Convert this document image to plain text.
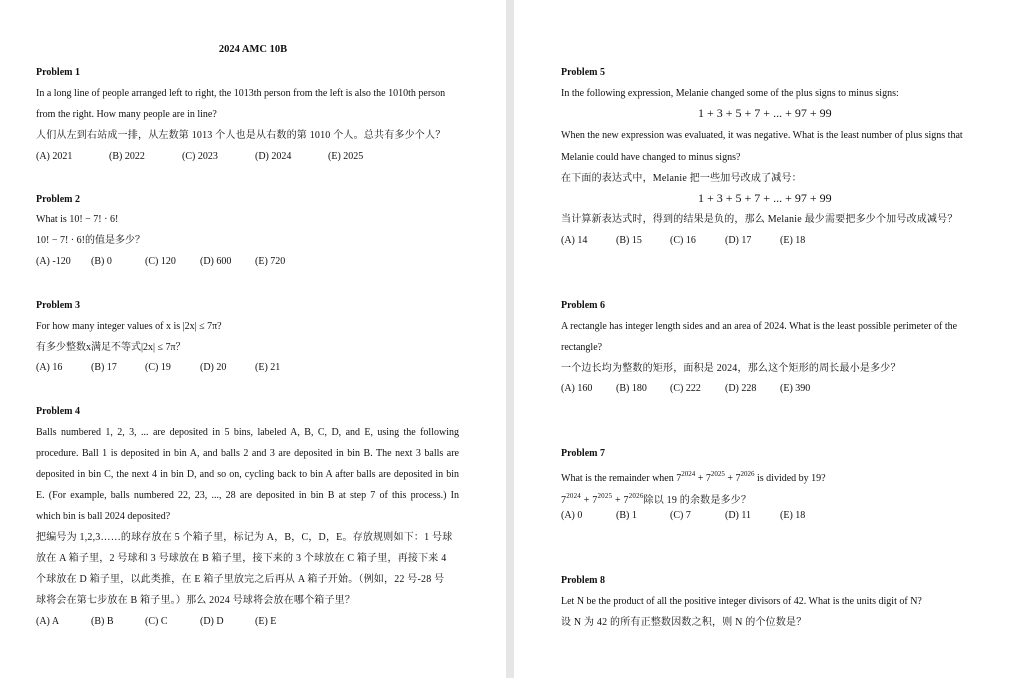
2024 AMC 10B
Problem 1
In a long line of people arranged left to right, the 1013th person from the left is also the 1010th person
from the right. How many people are in line?
人们从左到右站成一排，从左数第 1013 个人也是从右数的第 1010 个人。总共有多少个人？
(A) 2021	(B) 2022	(C) 2023	(D) 2024	(E) 2025
Problem 2
What is 10! − 7! · 6!
10! − 7! · 6!的值是多少？
(A) -120 (B) 0	(C) 120 (D) 600 (E) 720
Problem 3
For how many integer values of x is |2x| ≤ 7π?
有多少整数x满足不等式|2x| ≤ 7π？
(A) 16	(B) 17	(C) 19	(D) 20	(E) 21
Problem 4
Balls numbered 1, 2, 3, ... are deposited in 5 bins, labeled A, B, C, D, and E, using the following
procedure. Ball 1 is deposited in bin A, and balls 2 and 3 are deposited in bin B. The next 3 balls are
deposited in bin C, the next 4 in bin D, and so on, cycling back to bin A after balls are deposited in bin
E. (For example, balls numbered 22, 23, ..., 28 are deposited in bin B at step 7 of this process.) In
which bin is ball 2024 deposited?
把编号为 1,2,3……的球存放在 5 个箱子里，标记为 A，B，C，D，E。存放规则如下：1 号球
放在 A 箱子里，2 号球和 3 号球放在 B 箱子里，接下来的 3 个球放在 C 箱子里，再接下来 4
个球放在 D 箱子里，以此类推，在 E 箱子里放完之后再从 A 箱子开始。（例如，22 号-28 号
球将会在第七步放在 B 箱子里。）那么 2024 号球将会放在哪个箱子里？
(A) A	(B) B	(C) C	(D) D	(E) E
Problem 5
In the following expression, Melanie changed some of the plus signs to minus signs:
1 + 3 + 5 + 7 + ... + 97 + 99
When the new expression was evaluated, it was negative. What is the least number of plus signs that
Melanie could have changed to minus signs?
在下面的表达式中，Melanie 把一些加号改成了减号：
1 + 3 + 5 + 7 + ... + 97 + 99
当计算新表达式时，得到的结果是负的，那么 Melanie 最少需要把多少个加号改成减号？
(A) 14	(B) 15	(C) 16	(D) 17	(E) 18
Problem 6
A rectangle has integer length sides and an area of 2024. What is the least possible perimeter of the
rectangle?
一个边长均为整数的矩形，面积是 2024，那么这个矩形的周长最小是多少？
(A) 160 (B) 180 (C) 222 (D) 228 (E) 390
Problem 7
What is the remainder when $7^{2024} + 7^{2025} + 7^{2026}$ is divided by 19?
$7^{2024} + 7^{2025} + 7^{2026}$除以 19 的余数是多少？
(A) 0	(B) 1	(C) 7	(D) 11	(E) 18
Problem 8
Let N be the product of all the positive integer divisors of 42. What is the units digit of N?
设 N 为 42 的所有正整数因数之积，则 N 的个位数是？
